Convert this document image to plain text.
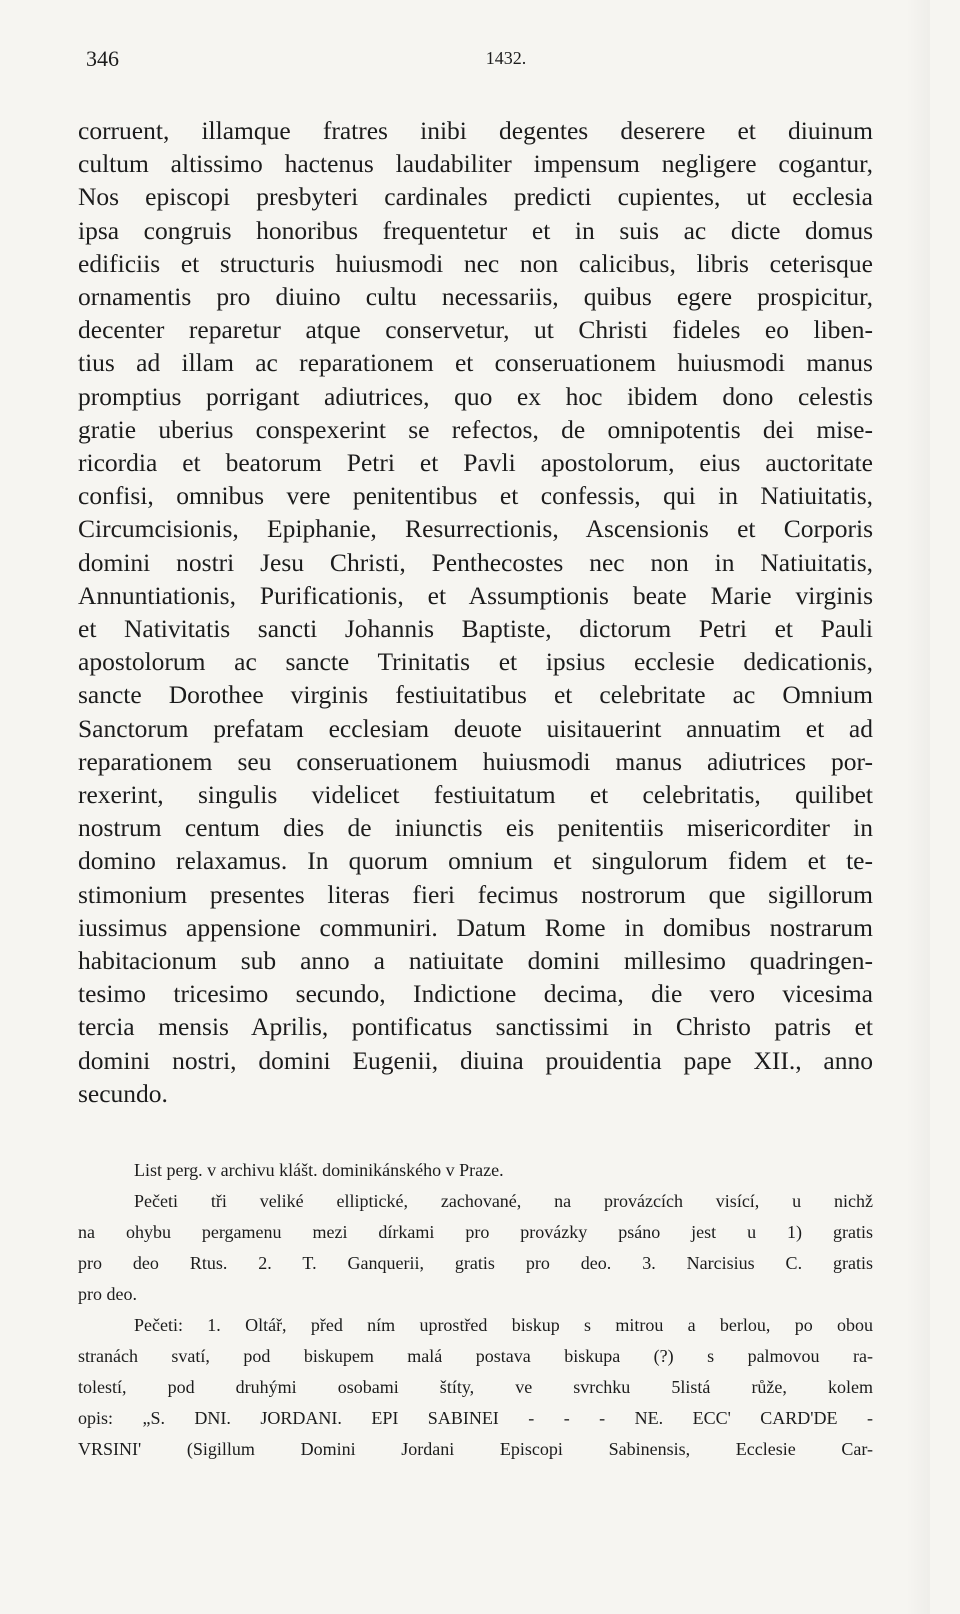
346	1432.
corruent, illamque fratres inibi degentes deserere et diuinum
cultum altissimo hactenus laudabiliter impensum negligere cogantur,
Nos episcopi presbyteri cardinales predicti cupientes, ut ecclesia
ipsa congruis honoribus frequentetur et in suis ac dicte domus
edificiis et structuris huiusmodi nec non calicibus, libris ceterisque
ornamentis pro diuino cultu necessariis, quibus egere prospicitur,
decenter reparetur atque conservetur, ut Christi fideles eo liben-
tius ad illam ac reparationem et conseruationem huiusmodi manus
promptius porrigant adiutrices, quo ex hoc ibidem dono celestis
gratie uberius conspexerint se refectos, de omnipotentis dei mise-
ricordia et beatorum Petri et Pavli apostolorum, eius auctoritate
confisi, omnibus vere penitentibus et confessis, qui in Natiuitatis,
Circumcisionis, Epiphanie, Resurrectionis, Ascensionis et Corporis
domini nostri Jesu Christi, Penthecostes nec non in Natiuitatis,
Annuntiationis, Purificationis, et Assumptionis beate Marie virginis
et Nativitatis sancti Johannis Baptiste, dictorum Petri et Pauli
apostolorum ac sancte Trinitatis et ipsius ecclesie dedicationis,
sancte Dorothee virginis festiuitatibus et celebritate ac Omnium
Sanctorum prefatam ecclesiam deuote uisitauerint annuatim et ad
reparationem seu conseruationem huiusmodi manus adiutrices por-
rexerint, singulis videlicet festiuitatum et celebritatis, quilibet
nostrum centum dies de iniunctis eis penitentiis misericorditer in
domino relaxamus. In quorum omnium et singulorum fidem et te-
stimonium presentes literas fieri fecimus nostrorum que sigillorum
iussimus appensione communiri. Datum Rome in domibus nostrarum
habitacionum sub anno a natiuitate domini millesimo quadringen-
tesimo tricesimo secundo, Indictione decima, die vero vicesima
tercia mensis Aprilis, pontificatus sanctissimi in Christo patris et
domini nostri, domini Eugenii, diuina prouidentia pape XII., anno
secundo.
List perg. v archivu klášt. dominikánského v Praze.
Pečeti tři veliké elliptické, zachované, na provázcích visící, u nichž
na ohybu pergamenu mezi dírkami pro provázky psáno jest u 1) gratis
pro deo Rtus. 2. T. Ganquerii, gratis pro deo. 3. Narcisius C. gratis
pro deo.
Pečeti: 1. Oltář, před ním uprostřed biskup s mitrou a berlou, po obou
stranách svatí, pod biskupem malá postava biskupa (?) s palmovou ra-
tolestí, pod druhými osobami štíty, ve svrchku 5listá růže, kolem
opis: „S. DNI. JORDANI. EPI SABINEI - - - NE. ECC' CARD'DE -
VRSINI' (Sigillum Domini Jordani Episcopi Sabinensis, Ecclesie Car-
